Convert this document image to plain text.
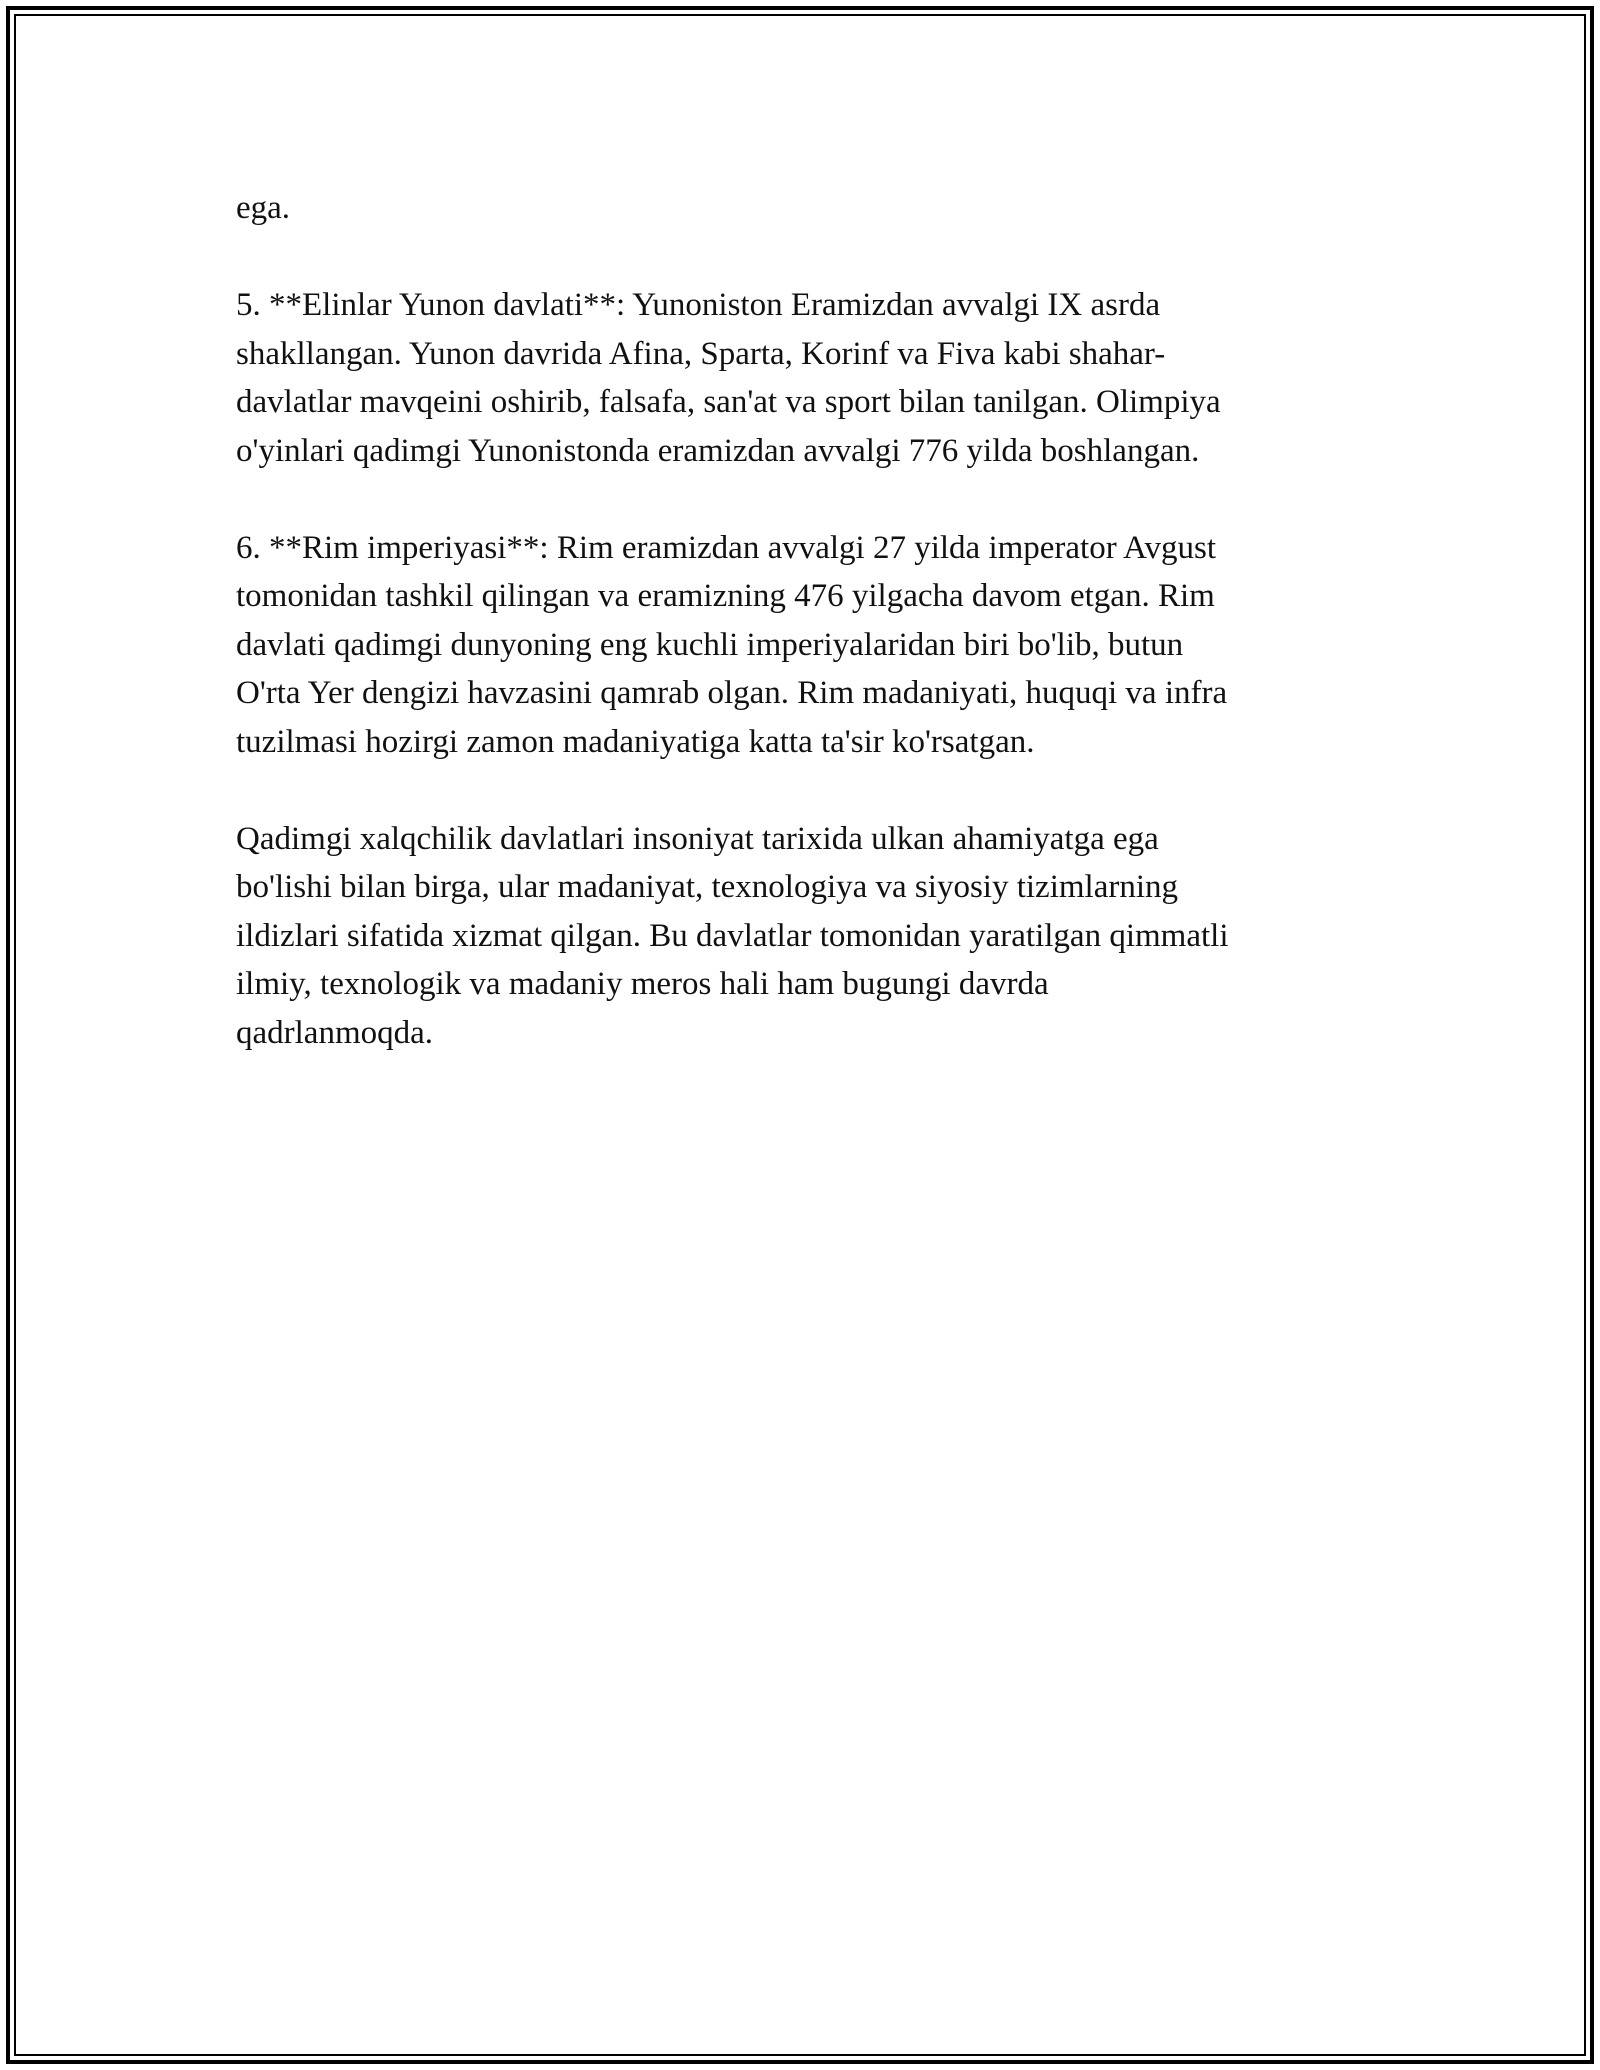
ega.

5. **Elinlar Yunon davlati**: Yunoniston Eramizdan avvalgi IX asrda
shakllangan. Yunon davrida Afina, Sparta, Korinf va Fiva kabi shahar-
davlatlar mavqeini oshirib, falsafa, san'at va sport bilan tanilgan. Olimpiya
o'yinlari qadimgi Yunonistonda eramizdan avvalgi 776 yilda boshlangan.

6. **Rim imperiyasi**: Rim eramizdan avvalgi 27 yilda imperator Avgust
tomonidan tashkil qilingan va eramizning 476 yilgacha davom etgan. Rim
davlati qadimgi dunyoning eng kuchli imperiyalaridan biri bo'lib, butun
O'rta Yer dengizi havzasini qamrab olgan. Rim madaniyati, huquqi va infra
tuzilmasi hozirgi zamon madaniyatiga katta ta'sir ko'rsatgan.

Qadimgi xalqchilik davlatlari insoniyat tarixida ulkan ahamiyatga ega
bo'lishi bilan birga, ular madaniyat, texnologiya va siyosiy tizimlarning
ildizlari sifatida xizmat qilgan. Bu davlatlar tomonidan yaratilgan qimmatli
ilmiy, texnologik va madaniy meros hali ham bugungi davrda
qadrlanmoqda.
